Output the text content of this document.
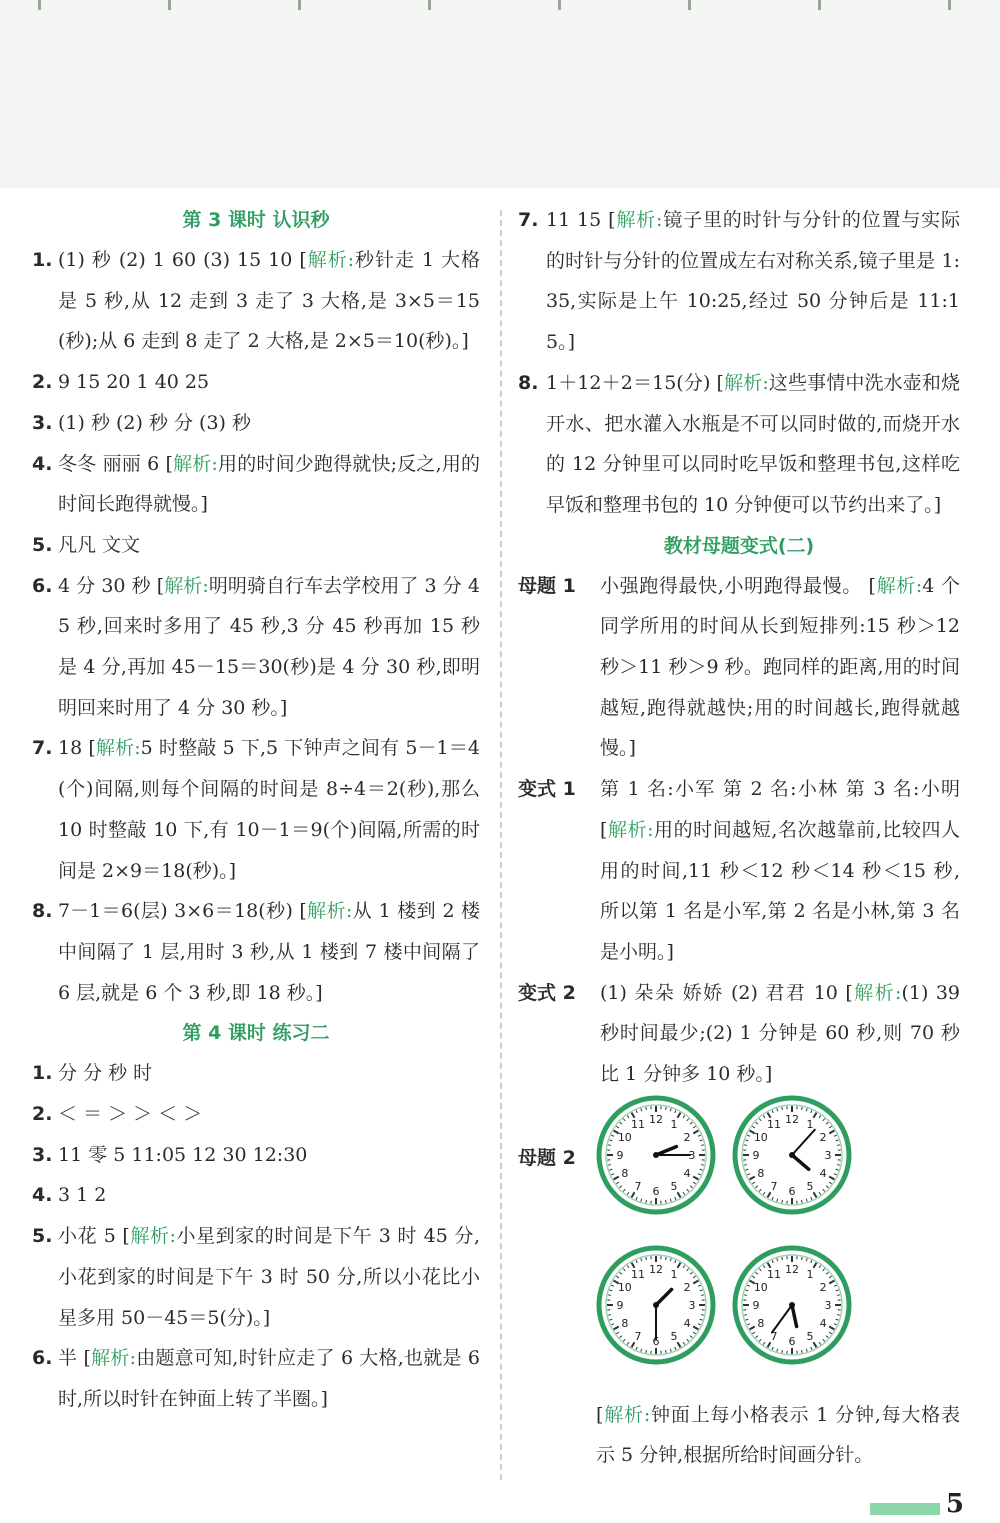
第 3 课时 认识秒
1. (1) 秒 (2) 1 60 (3) 15 10 [解析:秒针走 1 大格是 5 秒,从 12 走到 3 走了 3 大格,是 3×5＝15(秒);从 6 走到 8 走了 2 大格,是 2×5＝10(秒)。]
2. 9 15 20 1 40 25
3. (1) 秒 (2) 秒 分 (3) 秒
4. 冬冬 丽丽 6 [解析:用的时间少跑得就快;反之,用的时间长跑得就慢。]
5. 凡凡 文文
6. 4 分 30 秒 [解析:明明骑自行车去学校用了 3 分 45 秒,回来时多用了 45 秒,3 分 45 秒再加 15 秒是 4 分,再加 45－15＝30(秒)是 4 分 30 秒,即明明回来时用了 4 分 30 秒。]
7. 18 [解析:5 时整敲 5 下,5 下钟声之间有 5－1＝4(个)间隔,则每个间隔的时间是 8÷4＝2(秒),那么 10 时整敲 10 下,有 10－1＝9(个)间隔,所需的时间是 2×9＝18(秒)。]
8. 7－1＝6(层) 3×6＝18(秒) [解析:从 1 楼到 2 楼中间隔了 1 层,用时 3 秒,从 1 楼到 7 楼中间隔了 6 层,就是 6 个 3 秒,即 18 秒。]
第 4 课时 练习二
1. 分 分 秒 时
2. ＜ ＝ ＞ ＞ ＜ ＞
3. 11 零 5 11:05 12 30 12:30
4. 3 1 2
5. 小花 5 [解析:小星到家的时间是下午 3 时 45 分,小花到家的时间是下午 3 时 50 分,所以小花比小星多用 50－45＝5(分)。]
6. 半 [解析:由题意可知,时针应走了 6 大格,也就是 6 时,所以时针在钟面上转了半圈。]
7. 11 15 [解析:镜子里的时针与分针的位置与实际的时针与分针的位置成左右对称关系,镜子里是 1:35,实际是上午 10:25,经过 50 分钟后是 11:15。]
8. 1＋12＋2＝15(分) [解析:这些事情中洗水壶和烧开水、把水灌入水瓶是不可以同时做的,而烧开水的 12 分钟里可以同时吃早饭和整理书包,这样吃早饭和整理书包的 10 分钟便可以节约出来了。]
教材母题变式(二)
母题 1	小强跑得最快,小明跑得最慢。 [解析:4 个同学所用的时间从长到短排列:15 秒＞12 秒＞11 秒＞9 秒。跑同样的距离,用的时间越短,跑得就越快;用的时间越长,跑得就越慢。]
变式 1	第 1 名:小军 第 2 名:小林 第 3 名:小明 [解析:用的时间越短,名次越靠前,比较四人用的时间,11 秒＜12 秒＜14 秒＜15 秒,所以第 1 名是小军,第 2 名是小林,第 3 名是小明。]
变式 2	(1) 朵朵 娇娇 (2) 君君 10 [解析:(1) 39 秒时间最少;(2) 1 分钟是 60 秒,则 70 秒比 1 分钟多 10 秒。]
母题 2
1
2
3
4
5
6
7
8
9
10
11 12	1
2
3
4
5
6
7
8
9
10
11 12
1
2
3
4
5
6
7
8
9
10
11 12	1
2
3
4
5
6
7
8
9
10
11 12
[解析:钟面上每小格表示 1 分钟,每大格表示 5 分钟,根据所给时间画分针。
5
